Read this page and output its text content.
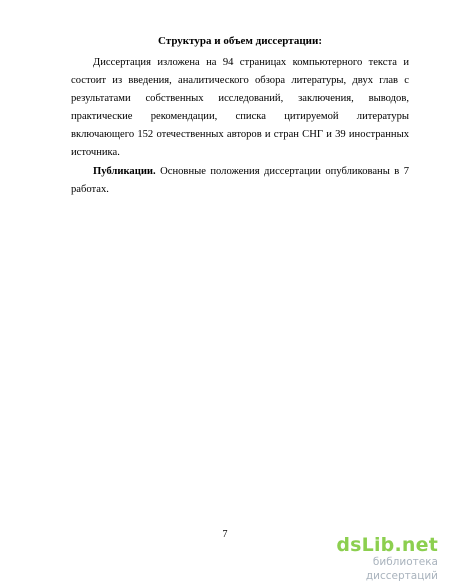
Структура и объем диссертации:

Диссертация изложена на 94 страницах компьютерного текста и состоит из введения, аналитического обзора литературы, двух глав с результатами собственных исследований, заключения, выводов, практические рекомендации, списка цитируемой литературы включающего 152 отечественных авторов и стран СНГ и 39 иностранных источника.

Публикации. Основные положения диссертации опубликованы в 7 работах.

7	dsLib.net
библиотека диссертаций
